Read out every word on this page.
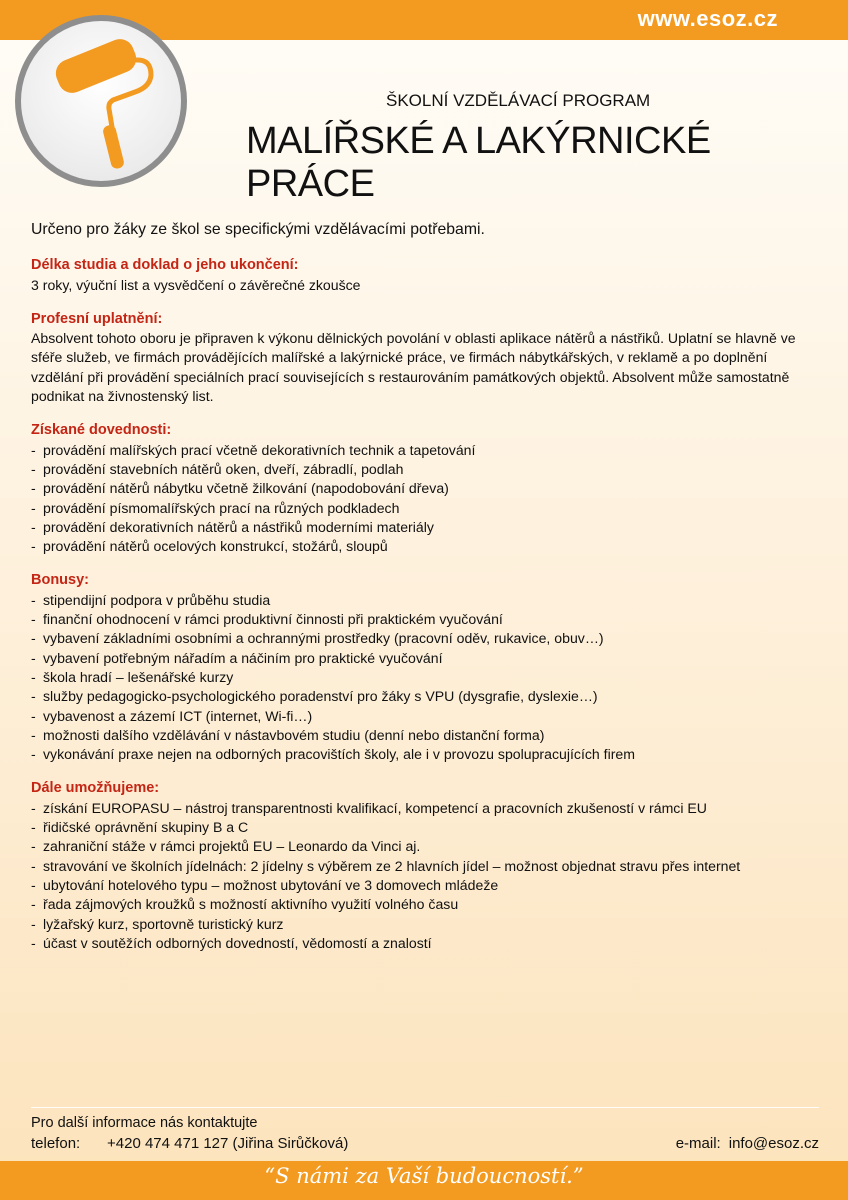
www.esoz.cz
ŠKOLNÍ VZDĚLÁVACÍ PROGRAM
MALÍŘSKÉ A LAKÝRNICKÉ PRÁCE
Určeno pro žáky ze škol se specifickými vzdělávacími potřebami.
Délka studia a doklad o jeho ukončení:
3 roky, výuční list a vysvědčení o závěrečné zkoušce
Profesní uplatnění:
Absolvent tohoto oboru je připraven k výkonu dělnických povolání v oblasti aplikace nátěrů a nástřiků. Uplatní se hlavně ve sféře služeb, ve firmách provádějících malířské a lakýrnické práce, ve firmách nábytkářských, v reklamě a po doplnění vzdělání při provádění speciálních prací souvisejících s restaurováním památkových objektů. Absolvent může samostatně podnikat na živnostenský list.
Získané dovednosti:
- provádění malířských prací včetně dekorativních technik a tapetování
- provádění stavebních nátěrů oken, dveří, zábradlí, podlah
- provádění nátěrů nábytku včetně žilkování (napodobování dřeva)
- provádění písmomalířských prací na různých podkladech
- provádění dekorativních nátěrů a nástřiků moderními materiály
- provádění nátěrů ocelových konstrukcí, stožárů, sloupů
Bonusy:
- stipendijní podpora v průběhu studia
- finanční ohodnocení v rámci produktivní činnosti při praktickém vyučování
- vybavení základními osobními a ochrannými prostředky (pracovní oděv, rukavice, obuv…)
- vybavení potřebným nářadím a náčiním pro praktické vyučování
- škola hradí – lešenářské kurzy
- služby pedagogicko-psychologického poradenství pro žáky s VPU (dysgrafie, dyslexie…)
- vybavenost a zázemí ICT (internet, Wi-fi…)
- možnosti dalšího vzdělávání v nástavbovém studiu (denní nebo distanční forma)
- vykonávání praxe nejen na odborných pracovištích školy, ale i v provozu spolupracujících firem
Dále umožňujeme:
- získání EUROPASU – nástroj transparentnosti kvalifikací, kompetencí a pracovních zkušeností v rámci EU
- řidičské oprávnění skupiny B a C
- zahraniční stáže v rámci projektů EU – Leonardo da Vinci aj.
- stravování ve školních jídelnách: 2 jídelny s výběrem ze 2 hlavních jídel – možnost objednat stravu přes internet
- ubytování hotelového typu – možnost ubytování ve 3 domovech mládeže
- řada zájmových kroužků s možností aktivního využití volného času
- lyžařský kurz, sportovně turistický kurz
- účast v soutěžích odborných dovedností, vědomostí a znalostí
Pro další informace nás kontaktujte
telefon: +420 474 471 127 (Jiřina Sirůčková)	e-mail: info@esoz.cz
“S námi za Vaší budoucností.”
